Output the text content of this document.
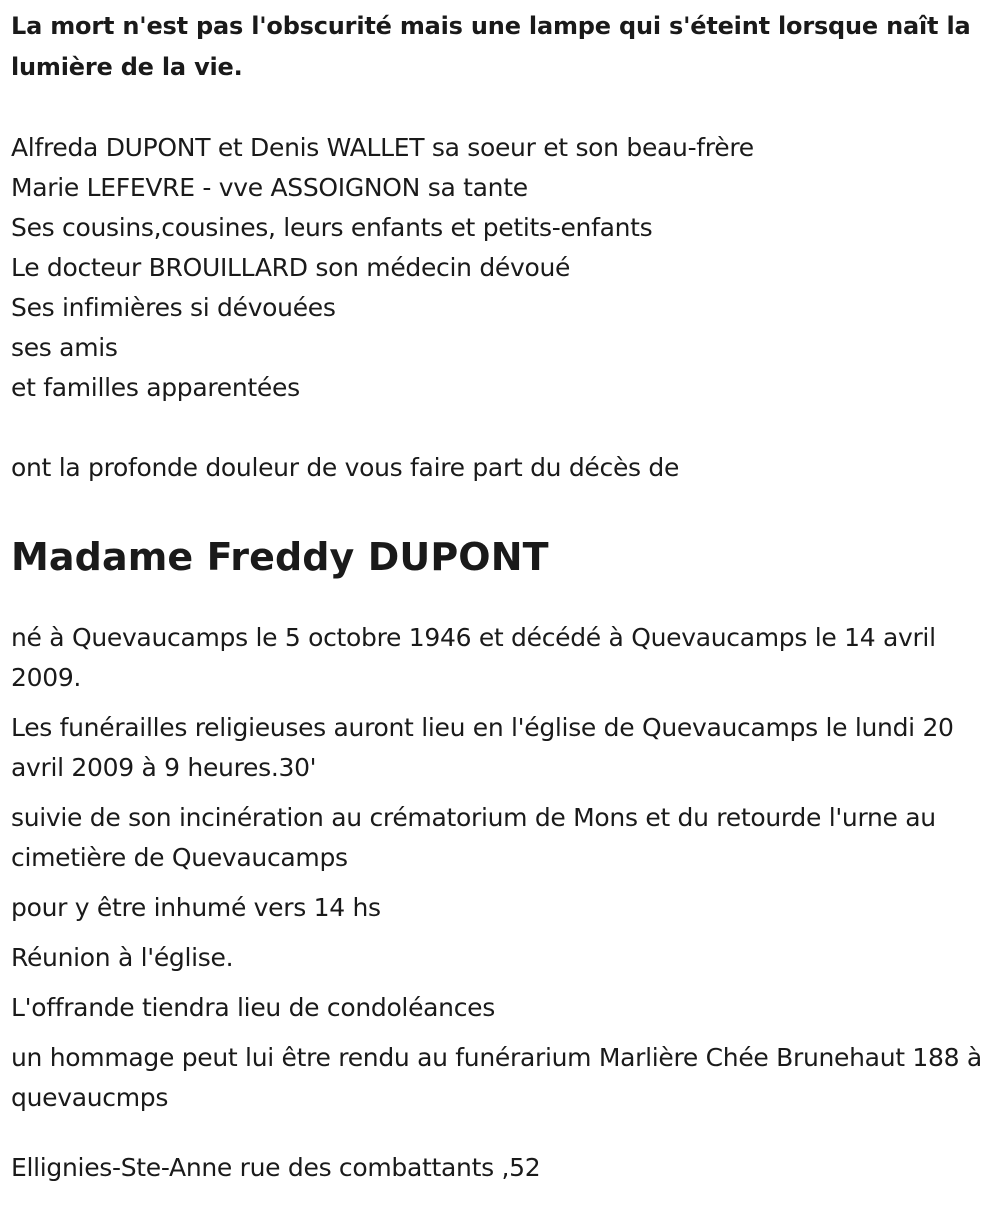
La mort n'est pas l'obscurité mais une lampe qui s'éteint lorsque naît la lumière de la vie.

Alfreda DUPONT et Denis WALLET sa soeur et son beau-frère
Marie LEFEVRE - vve ASSOIGNON sa tante
Ses cousins,cousines, leurs enfants et petits-enfants
Le docteur BROUILLARD son médecin dévoué
Ses infimières si dévouées
ses amis
et familles apparentées

ont la profonde douleur de vous faire part du décès de

Madame Freddy DUPONT

né à Quevaucamps le 5 octobre 1946 et décédé à Quevaucamps le 14 avril 2009.

Les funérailles religieuses auront lieu en l'église de Quevaucamps le lundi 20 avril 2009 à 9 heures.30'

suivie de son incinération au crématorium de Mons et du retourde l'urne au cimetière de Quevaucamps

pour y être inhumé vers 14 hs

Réunion à l'église.

L'offrande tiendra lieu de condoléances

un hommage peut lui être rendu au funérarium Marlière Chée Brunehaut 188 à quevaucmps

Ellignies-Ste-Anne rue des combattants ,52
